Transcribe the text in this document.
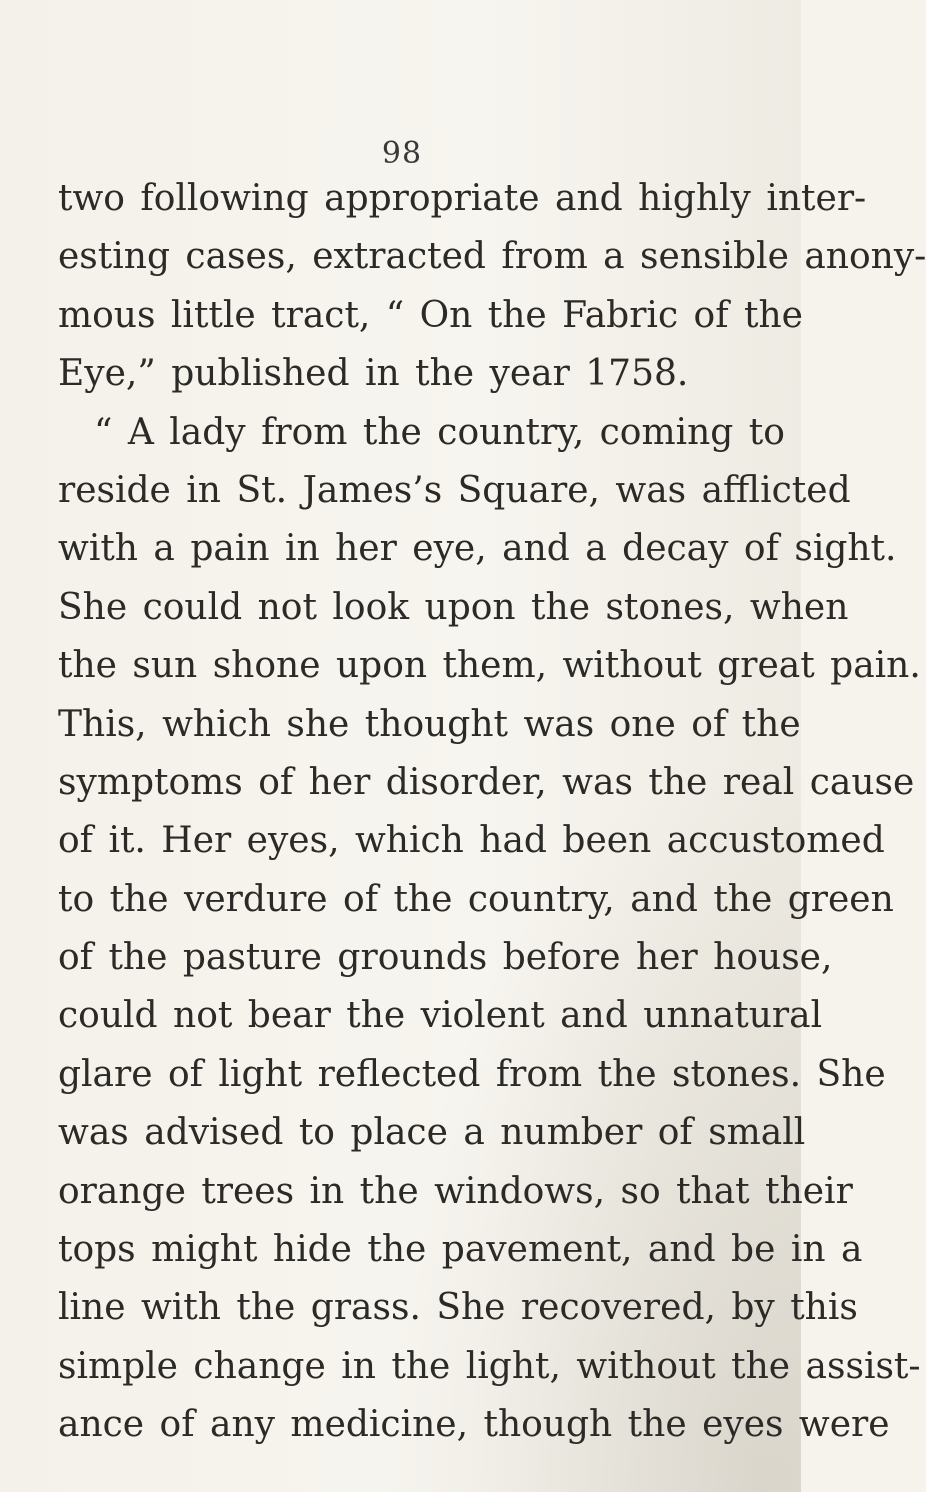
98
two following appropriate and highly inter-
esting cases, extracted from a sensible anony-
mous little tract, “ On the Fabric of the
Eye,” published in the year 1758.
“ A lady from the country, coming to
reside in St. James’s Square, was afflicted
with a pain in her eye, and a decay of sight.
She could not look upon the stones, when
the sun shone upon them, without great pain.
This, which she thought was one of the
symptoms of her disorder, was the real cause
of it. Her eyes, which had been accustomed
to the verdure of the country, and the green
of the pasture grounds before her house,
could not bear the violent and unnatural
glare of light reflected from the stones. She
was advised to place a number of small
orange trees in the windows, so that their
tops might hide the pavement, and be in a
line with the grass. She recovered, by this
simple change in the light, without the assist-
ance of any medicine, though the eyes were
